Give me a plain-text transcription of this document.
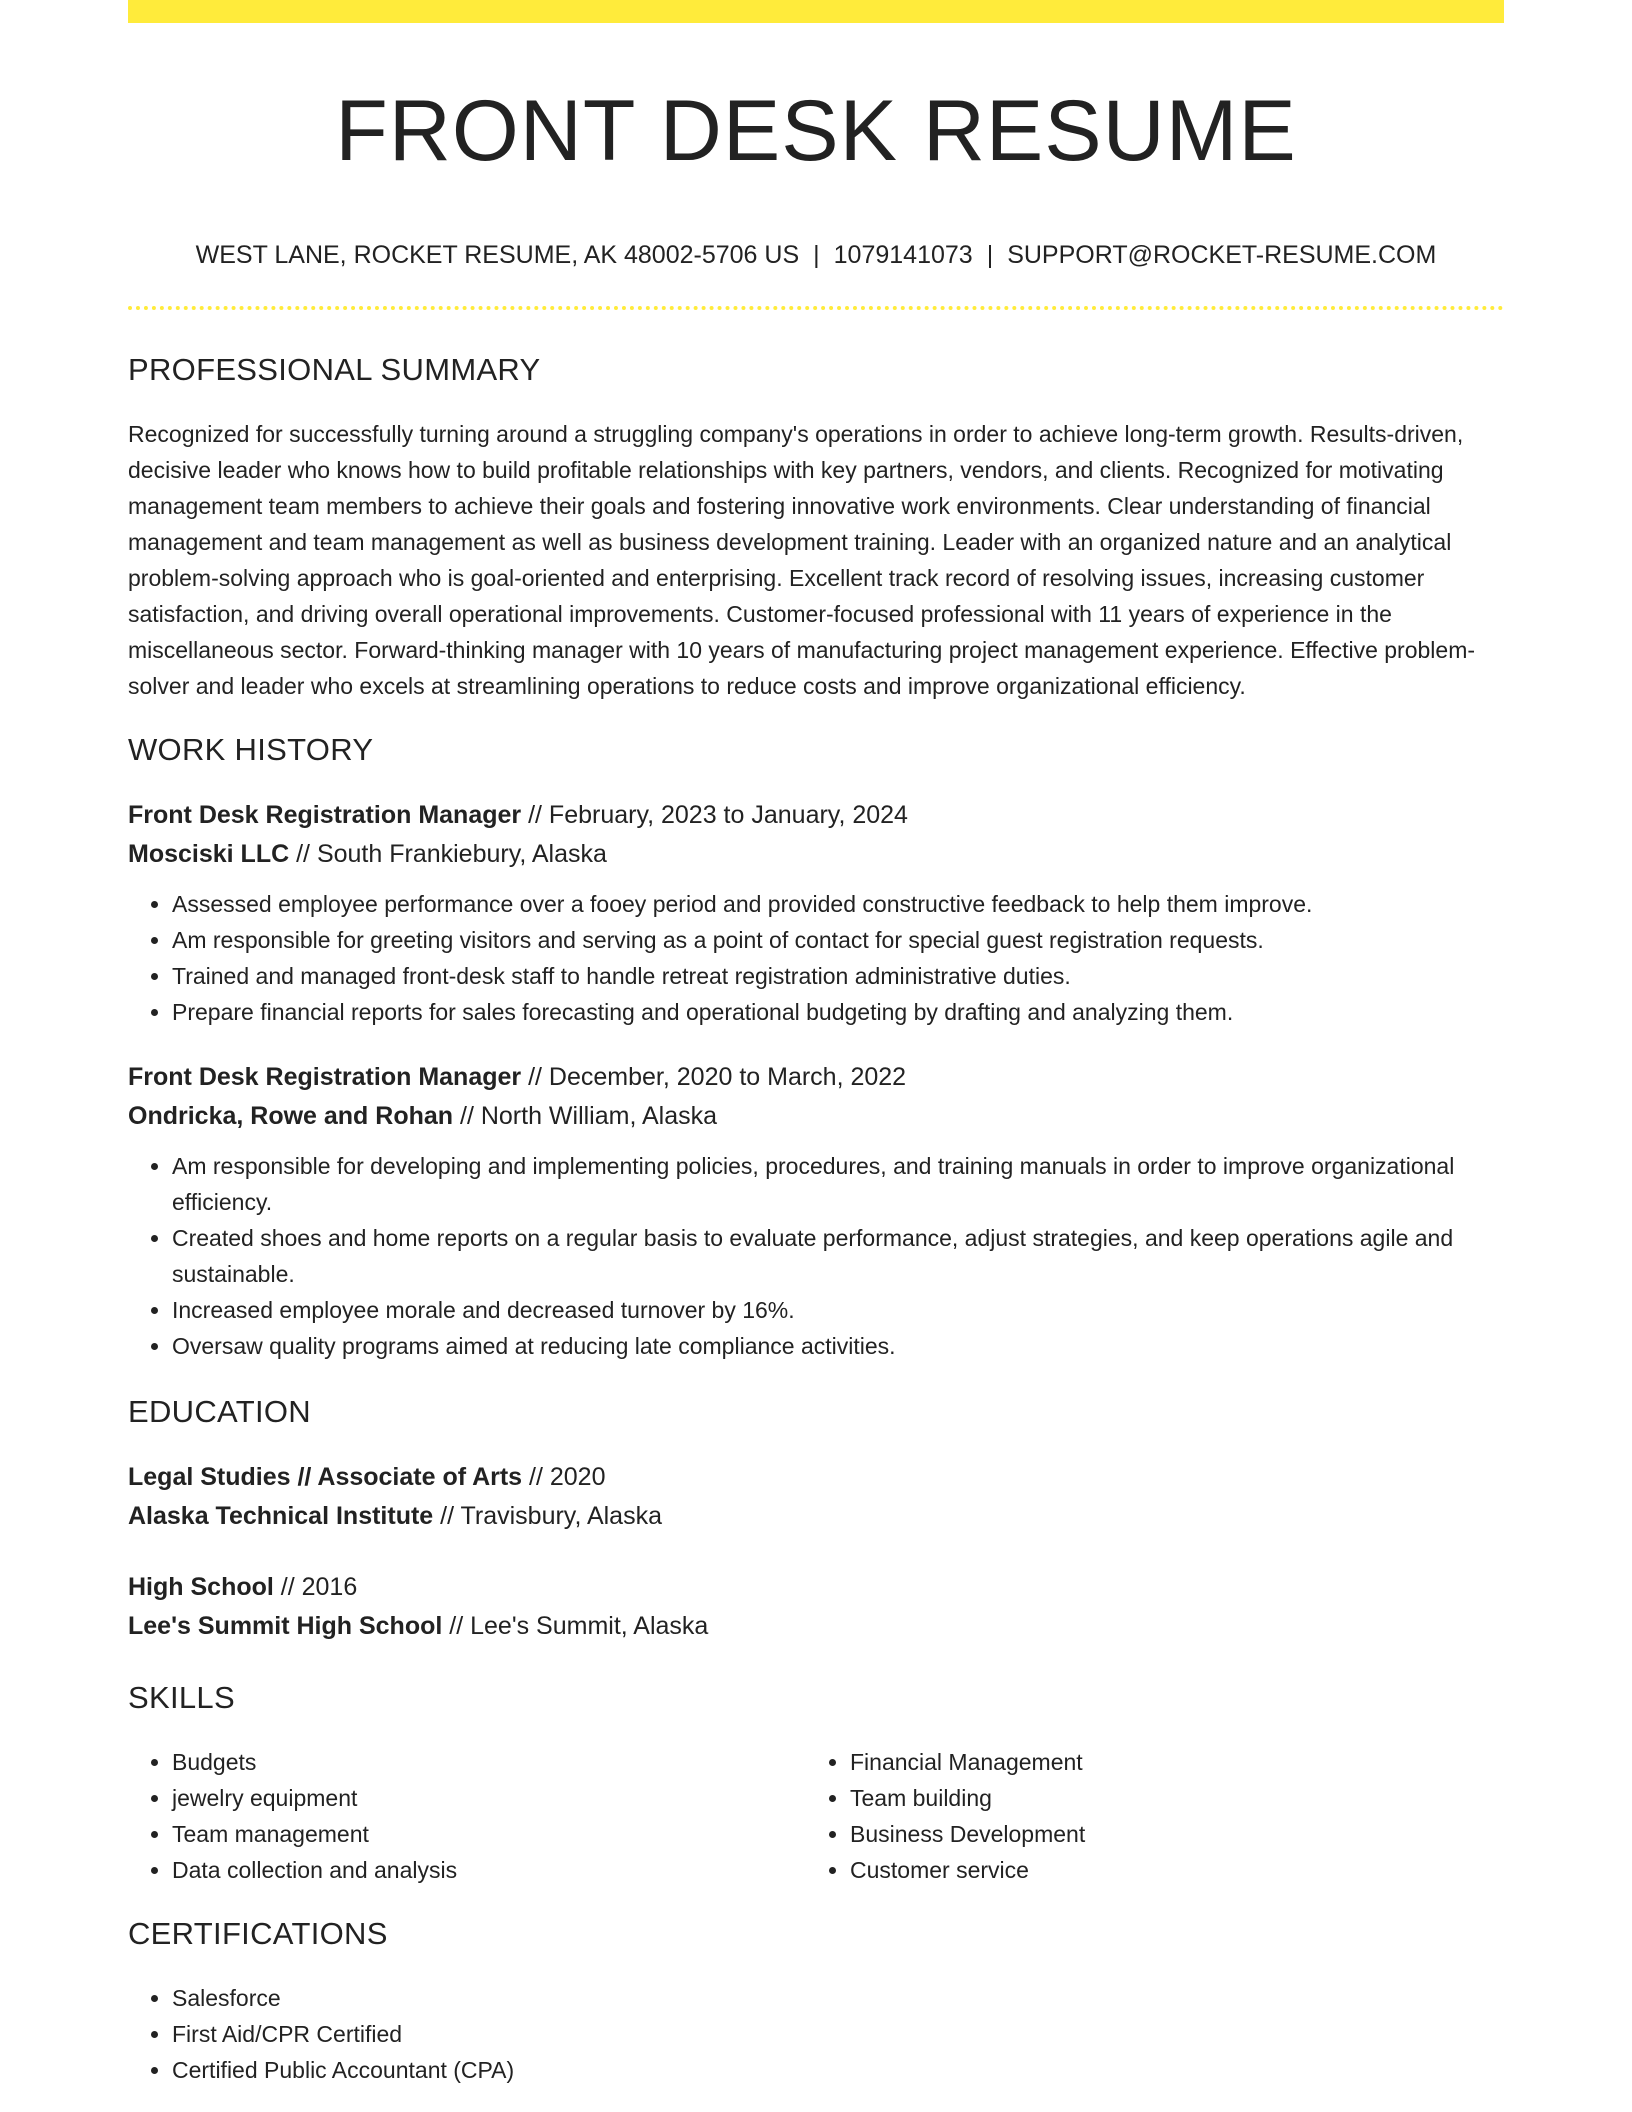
FRONT DESK RESUME
WEST LANE, ROCKET RESUME, AK 48002-5706 US | 1079141073 | SUPPORT@ROCKET-RESUME.COM
PROFESSIONAL SUMMARY

Recognized for successfully turning around a struggling company's operations in order to achieve long-term growth. Results-driven, decisive leader who knows how to build profitable relationships with key partners, vendors, and clients. Recognized for motivating management team members to achieve their goals and fostering innovative work environments. Clear understanding of financial management and team management as well as business development training. Leader with an organized nature and an analytical problem-solving approach who is goal-oriented and enterprising. Excellent track record of resolving issues, increasing customer satisfaction, and driving overall operational improvements. Customer-focused professional with 11 years of experience in the miscellaneous sector. Forward-thinking manager with 10 years of manufacturing project management experience. Effective problem-solver and leader who excels at streamlining operations to reduce costs and improve organizational efficiency.

WORK HISTORY
Front Desk Registration Manager // February, 2023 to January, 2024
Mosciski LLC // South Frankiebury, Alaska
• Assessed employee performance over a fooey period and provided constructive feedback to help them improve.
• Am responsible for greeting visitors and serving as a point of contact for special guest registration requests.
• Trained and managed front-desk staff to handle retreat registration administrative duties.
• Prepare financial reports for sales forecasting and operational budgeting by drafting and analyzing them.
Front Desk Registration Manager // December, 2020 to March, 2022
Ondricka, Rowe and Rohan // North William, Alaska
• Am responsible for developing and implementing policies, procedures, and training manuals in order to improve organizational efficiency.
• Created shoes and home reports on a regular basis to evaluate performance, adjust strategies, and keep operations agile and sustainable.
• Increased employee morale and decreased turnover by 16%.
• Oversaw quality programs aimed at reducing late compliance activities.
EDUCATION
Legal Studies // Associate of Arts // 2020
Alaska Technical Institute // Travisbury, Alaska
High School // 2016
Lee's Summit High School // Lee's Summit, Alaska
SKILLS
• Budgets
• jewelry equipment
• Team management
• Data collection and analysis
• Financial Management
• Team building
• Business Development
• Customer service
CERTIFICATIONS
• Salesforce
• First Aid/CPR Certified
• Certified Public Accountant (CPA)
